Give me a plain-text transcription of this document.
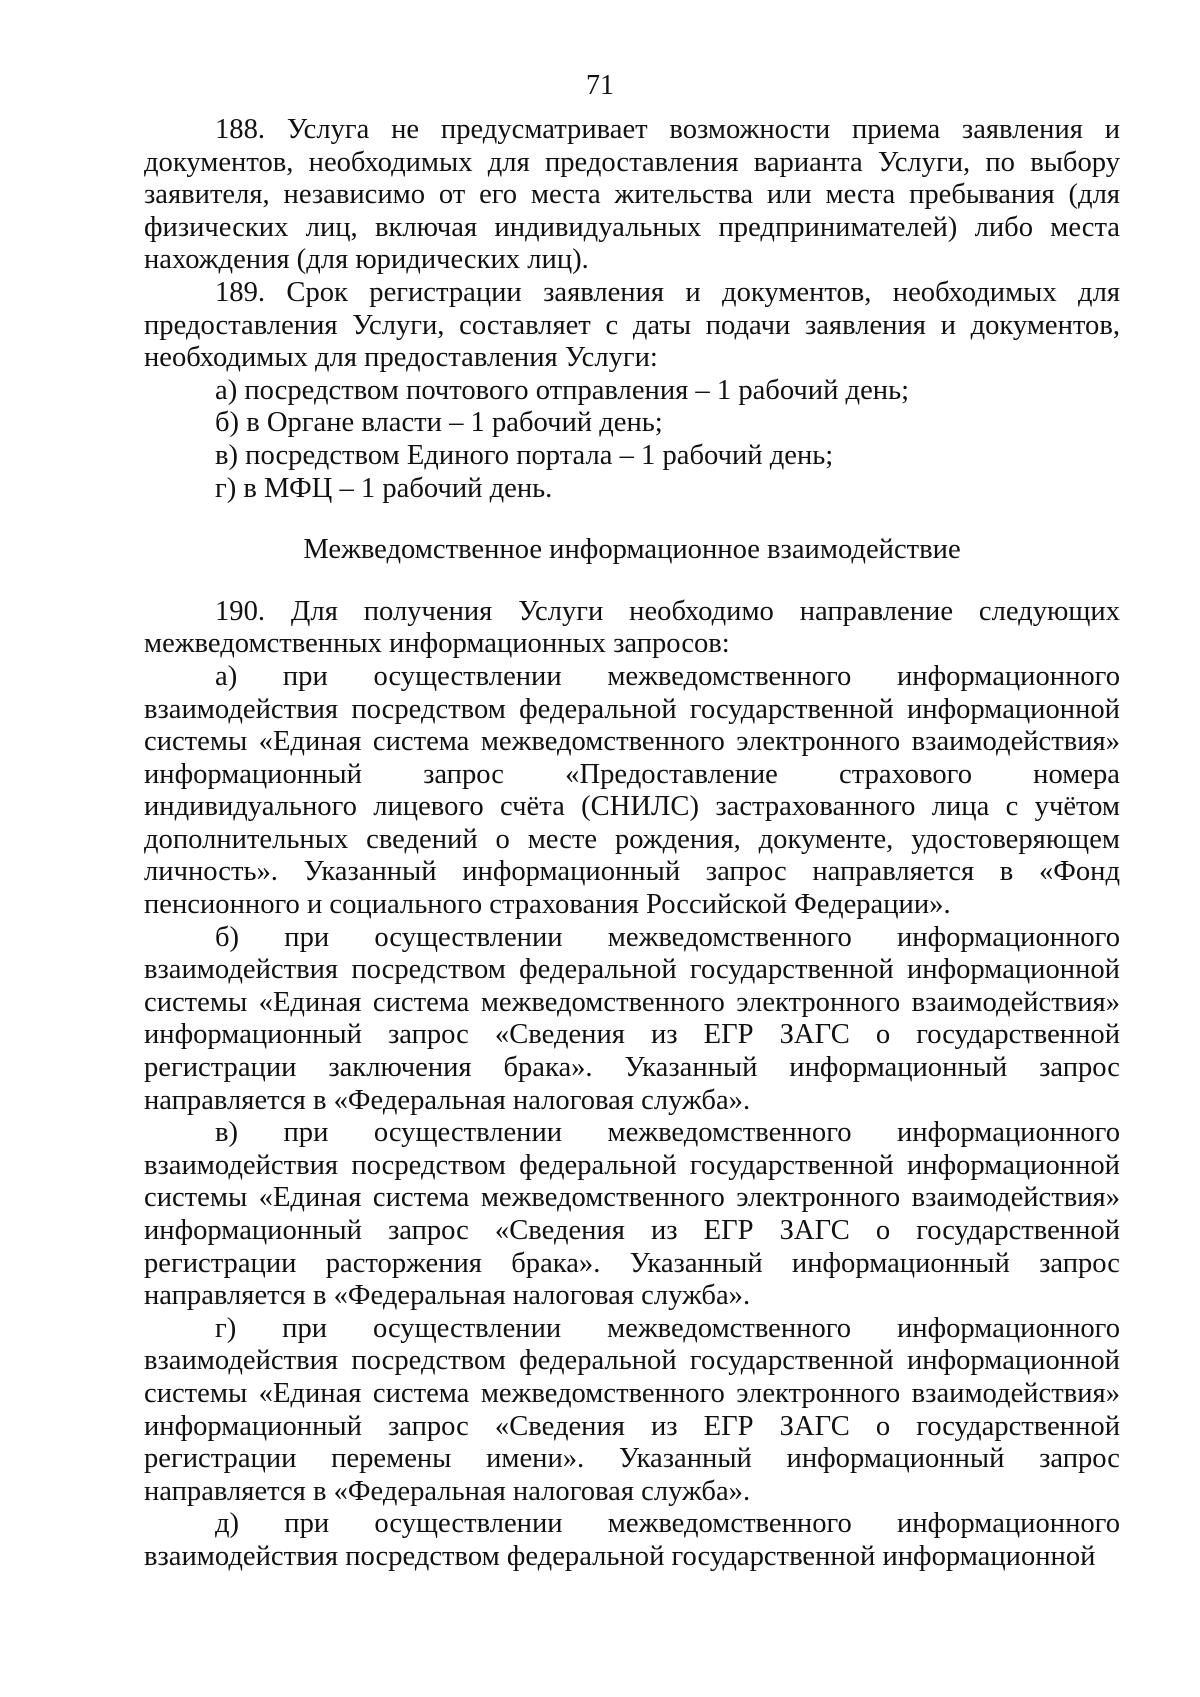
71

188. Услуга не предусматривает возможности приема заявления и документов, необходимых для предоставления варианта Услуги, по выбору заявителя, независимо от его места жительства или места пребывания (для физических лиц, включая индивидуальных предпринимателей) либо места нахождения (для юридических лиц).

189. Срок регистрации заявления и документов, необходимых для предоставления Услуги, составляет с даты подачи заявления и документов, необходимых для предоставления Услуги:

а) посредством почтового отправления – 1 рабочий день;

б) в Органе власти – 1 рабочий день;

в) посредством Единого портала – 1 рабочий день;

г) в МФЦ – 1 рабочий день.

Межведомственное информационное взаимодействие

190. Для получения Услуги необходимо направление следующих межведомственных информационных запросов:

а) при осуществлении межведомственного информационного взаимодействия посредством федеральной государственной информационной системы «Единая система межведомственного электронного взаимодействия» информационный запрос «Предоставление страхового номера индивидуального лицевого счёта (СНИЛС) застрахованного лица с учётом дополнительных сведений о месте рождения, документе, удостоверяющем личность». Указанный информационный запрос направляется в «Фонд пенсионного и социального страхования Российской Федерации».

б) при осуществлении межведомственного информационного взаимодействия посредством федеральной государственной информационной системы «Единая система межведомственного электронного взаимодействия» информационный запрос «Сведения из ЕГР ЗАГС о государственной регистрации заключения брака». Указанный информационный запрос направляется в «Федеральная налоговая служба».

в) при осуществлении межведомственного информационного взаимодействия посредством федеральной государственной информационной системы «Единая система межведомственного электронного взаимодействия» информационный запрос «Сведения из ЕГР ЗАГС о государственной регистрации расторжения брака». Указанный информационный запрос направляется в «Федеральная налоговая служба».

г) при осуществлении межведомственного информационного взаимодействия посредством федеральной государственной информационной системы «Единая система межведомственного электронного взаимодействия» информационный запрос «Сведения из ЕГР ЗАГС о государственной регистрации перемены имени». Указанный информационный запрос направляется в «Федеральная налоговая служба».

д) при осуществлении межведомственного информационного взаимодействия посредством федеральной государственной информационной
